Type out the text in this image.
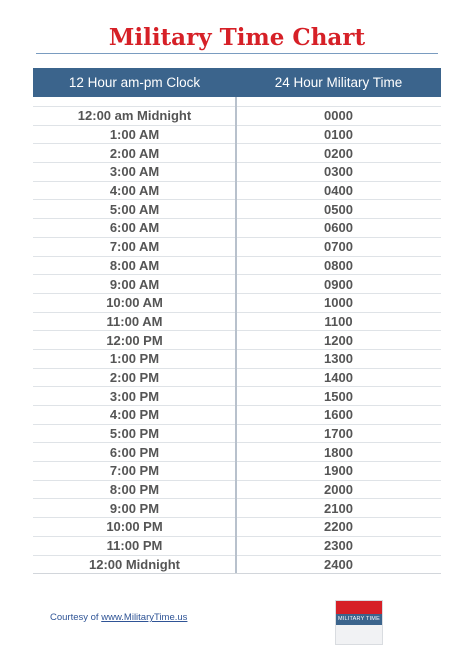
Military Time Chart
12 Hour am-pm Clock	24 Hour Military Time
12:00 am Midnight	0000
1:00 AM	0100
2:00 AM	0200
3:00 AM	0300
4:00 AM	0400
5:00 AM	0500
6:00 AM	0600
7:00 AM	0700
8:00 AM	0800
9:00 AM	0900
10:00 AM	1000
11:00 AM	1100
12:00 PM	1200
1:00 PM	1300
2:00 PM	1400
3:00 PM	1500
4:00 PM	1600
5:00 PM	1700
6:00 PM	1800
7:00 PM	1900
8:00 PM	2000
9:00 PM	2100
10:00 PM	2200
11:00 PM	2300
12:00 Midnight	2400
Courtesy of www.MilitaryTime.us	MILITARY TIME
